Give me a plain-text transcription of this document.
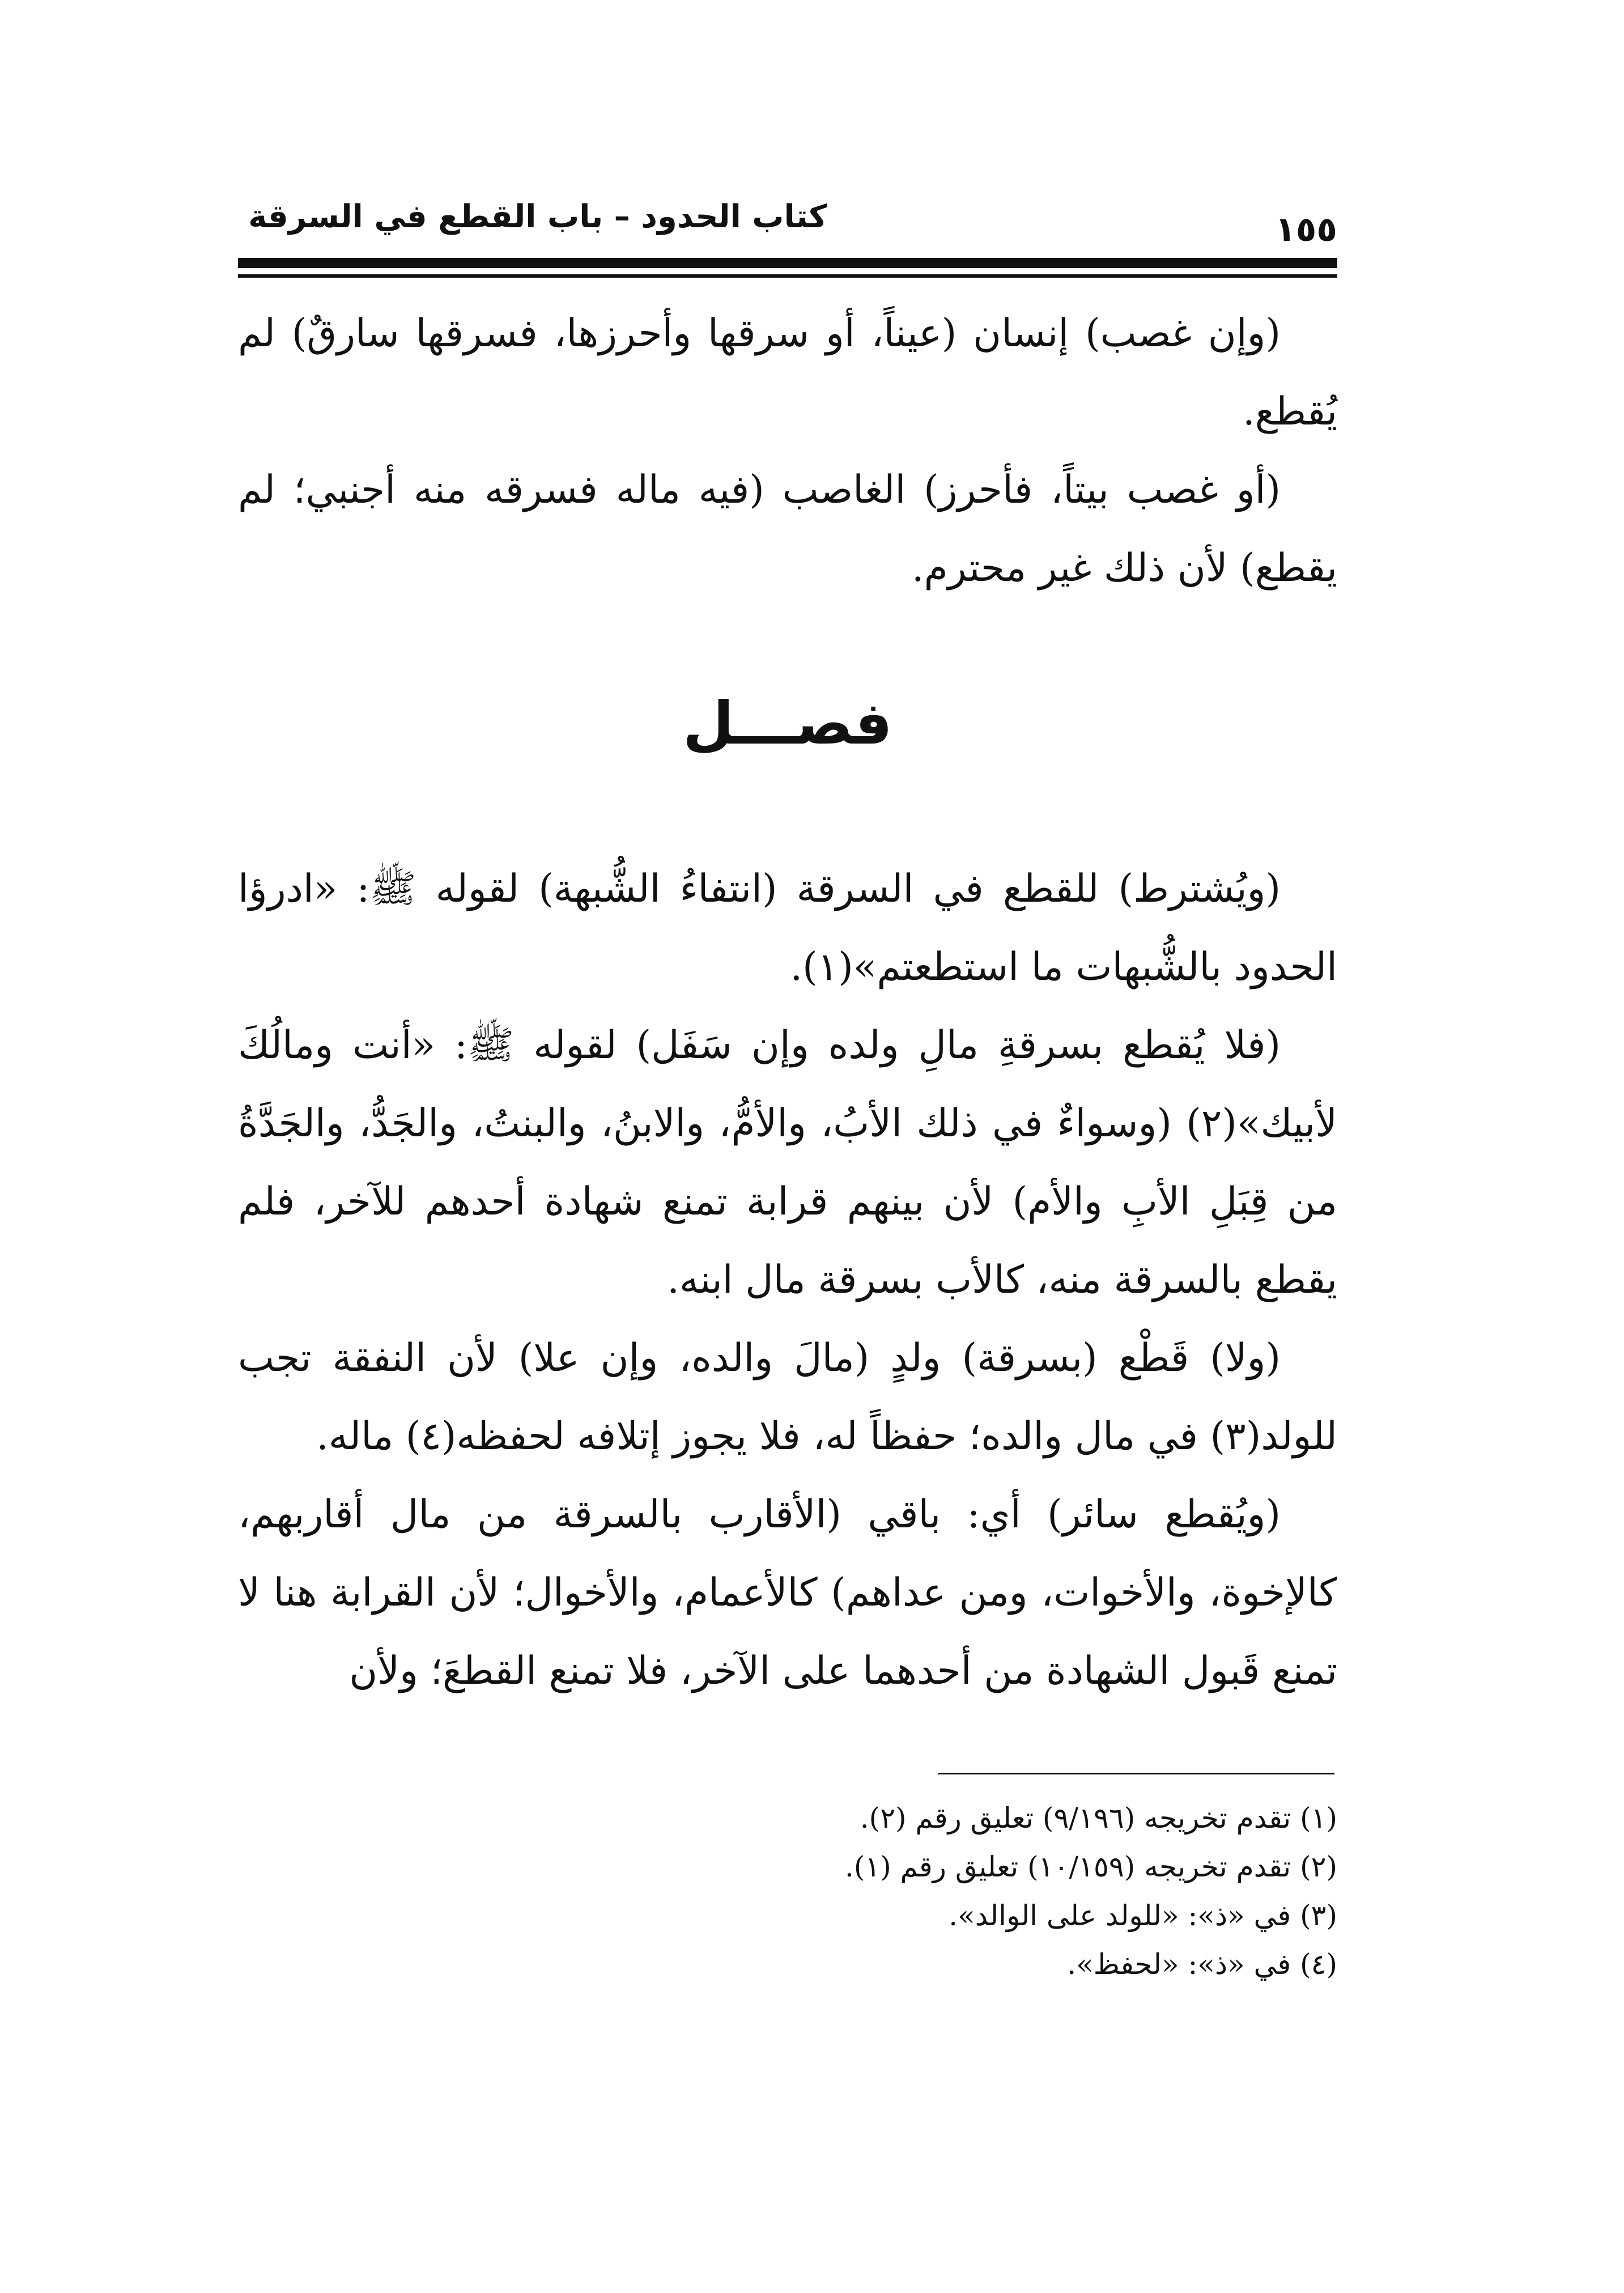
كتاب الحدود – باب القطع في السرقة	١٥٥

(وإن غصب) إنسان (عيناً، أو سرقها وأحرزها، فسرقها سارقٌ) لم يُقطع.

(أو غصب بيتاً، فأحرز) الغاصب (فيه ماله فسرقه منه أجنبي؛ لم يقطع) لأن ذلك غير محترم.

فصـــل

(ويُشترط) للقطع في السرقة (انتفاءُ الشُّبهة) لقوله ﷺ: «ادرؤا الحدود بالشُّبهات ما استطعتم»(١).

(فلا يُقطع بسرقةِ مالِ ولده وإن سَفَل) لقوله ﷺ: «أنت ومالُكَ لأبيك»(٢) (وسواءٌ في ذلك الأبُ، والأمُّ، والابنُ، والبنتُ، والجَدُّ، والجَدَّةُ من قِبَلِ الأبِ والأم) لأن بينهم قرابة تمنع شهادة أحدهم للآخر، فلم يقطع بالسرقة منه، كالأب بسرقة مال ابنه.

(ولا) قَطْع (بسرقة) ولدٍ (مالَ والده، وإن علا) لأن النفقة تجب للولد(٣) في مال والده؛ حفظاً له، فلا يجوز إتلافه لحفظه(٤) ماله.

(ويُقطع سائر) أي: باقي (الأقارب بالسرقة من مال أقاربهم، كالإخوة، والأخوات، ومن عداهم) كالأعمام، والأخوال؛ لأن القرابة هنا لا تمنع قَبول الشهادة من أحدهما على الآخر، فلا تمنع القطعَ؛ ولأن

(١) تقدم تخريجه (٩/١٩٦) تعليق رقم (٢).

(٢) تقدم تخريجه (١٠/١٥٩) تعليق رقم (١).

(٣) في «ذ»: «للولد على الوالد».

(٤) في «ذ»: «لحفظ».
